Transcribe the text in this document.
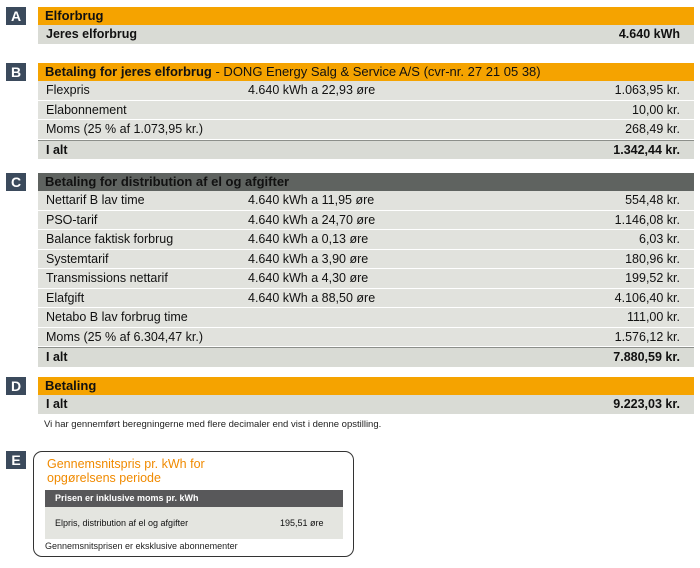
A	Elforbrug
Jeres elforbrug	4.640 kWh
B	Betaling for jeres elforbrug - DONG Energy Salg & Service A/S (cvr-nr. 27 21 05 38)
Flexpris	4.640 kWh a 22,93 øre	1.063,95 kr.
Elabonnement	10,00 kr.
Moms (25 % af 1.073,95 kr.)	268,49 kr.
I alt	1.342,44 kr.
C	Betaling for distribution af el og afgifter
Nettarif B lav time	4.640 kWh a 11,95 øre	554,48 kr.
PSO-tarif	4.640 kWh a 24,70 øre	1.146,08 kr.
Balance faktisk forbrug	4.640 kWh a 0,13 øre	6,03 kr.
Systemtarif	4.640 kWh a 3,90 øre	180,96 kr.
Transmissions nettarif	4.640 kWh a 4,30 øre	199,52 kr.
Elafgift	4.640 kWh a 88,50 øre	4.106,40 kr.
Netabo B lav forbrug time	111,00 kr.
Moms (25 % af 6.304,47 kr.)	1.576,12 kr.
I alt	7.880,59 kr.
D	Betaling
I alt	9.223,03 kr.
Vi har gennemført beregningerne med flere decimaler end vist i denne opstilling.
E	Gennemsnitspris pr. kWh for opgørelsens periode
Prisen er inklusive moms pr. kWh
Elpris, distribution af el og afgifter	195,51 øre
Gennemsnitsprisen er eksklusive abonnementer
